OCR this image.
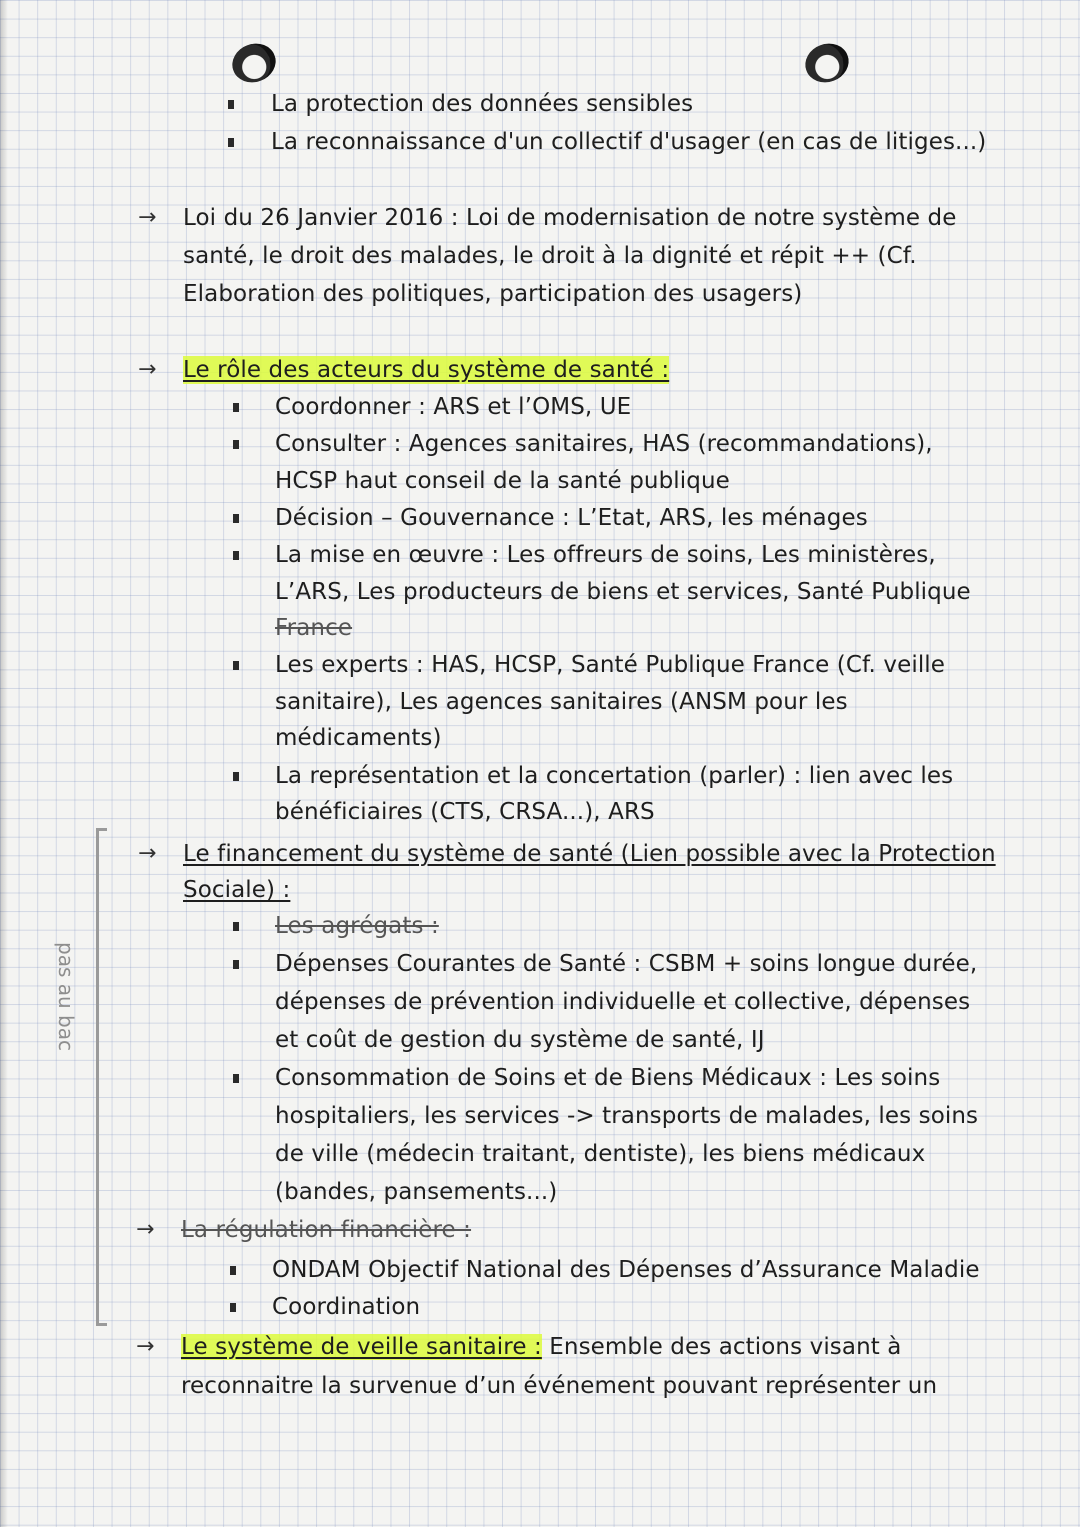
La protection des données sensibles
La reconnaissance d'un collectif d'usager (en cas de litiges...)
→ Loi du 26 Janvier 2016 : Loi de modernisation de notre système de
santé, le droit des malades, le droit à la dignité et répit ++ (Cf.
Elaboration des politiques, participation des usagers)
→ Le rôle des acteurs du système de santé :
Coordonner : ARS et l’OMS, UE
Consulter : Agences sanitaires, HAS (recommandations),
HCSP haut conseil de la santé publique
Décision – Gouvernance : L’Etat, ARS, les ménages
La mise en œuvre : Les offreurs de soins, Les ministères,
L’ARS, Les producteurs de biens et services, Santé Publique
France
Les experts : HAS, HCSP, Santé Publique France (Cf. veille
sanitaire), Les agences sanitaires (ANSM pour les
médicaments)
La représentation et la concertation (parler) : lien avec les
bénéficiaires (CTS, CRSA...), ARS
pas au bac
→ Le financement du système de santé (Lien possible avec la Protection
Sociale) :
Les agrégats :
Dépenses Courantes de Santé : CSBM + soins longue durée,
dépenses de prévention individuelle et collective, dépenses
et coût de gestion du système de santé, IJ
Consommation de Soins et de Biens Médicaux : Les soins
hospitaliers, les services -> transports de malades, les soins
de ville (médecin traitant, dentiste), les biens médicaux
(bandes, pansements...)
→ La régulation financière :
ONDAM Objectif National des Dépenses d’Assurance Maladie
Coordination
→ Le système de veille sanitaire : Ensemble des actions visant à
reconnaitre la survenue d’un événement pouvant représenter un
